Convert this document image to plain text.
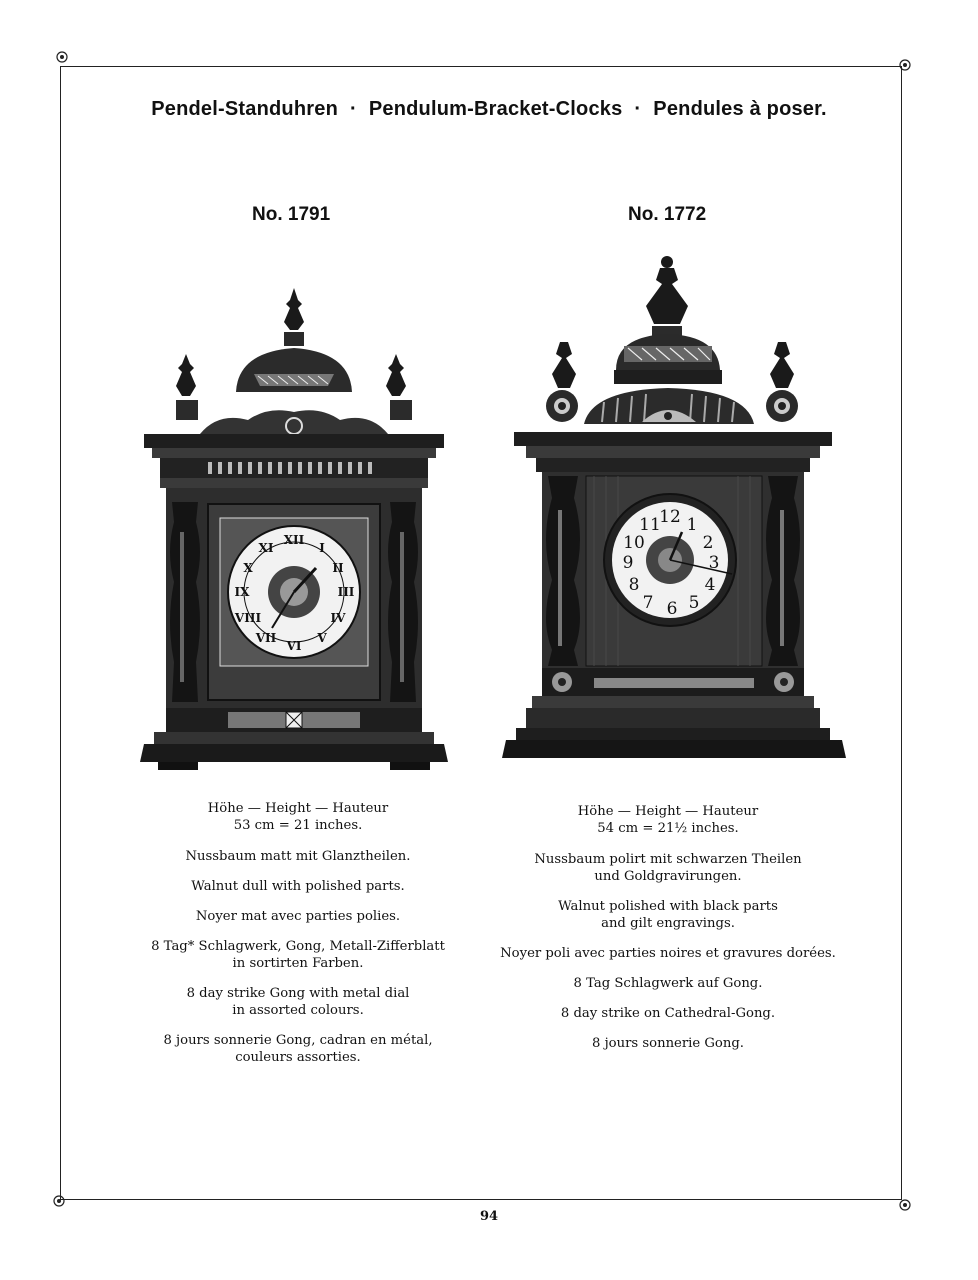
Pendel-Standuhren · Pendulum-Bracket-Clocks · Pendules à poser.
No. 1791	No. 1772
XII
I
II
III
IV
V
VI
VII
VIII
IX
X
XI
12 1
2
3
4
5
6
7
8
9
10
11

Höhe — Height — Hauteur
53 cm = 21 inches.

Nussbaum matt mit Glanztheilen.

Walnut dull with polished parts.

Noyer mat avec parties polies.

8 Tag* Schlagwerk, Gong, Metall-Zifferblatt
in sortirten Farben.

8 day strike Gong with metal dial
in assorted colours.

8 jours sonnerie Gong, cadran en métal,
couleurs assorties.

Höhe — Height — Hauteur
54 cm = 21½ inches.

Nussbaum polirt mit schwarzen Theilen
und Goldgravirungen.

Walnut polished with black parts
and gilt engravings.

Noyer poli avec parties noires et gravures dorées.

8 Tag Schlagwerk auf Gong.

8 day strike on Cathedral-Gong.

8 jours sonnerie Gong.

94
